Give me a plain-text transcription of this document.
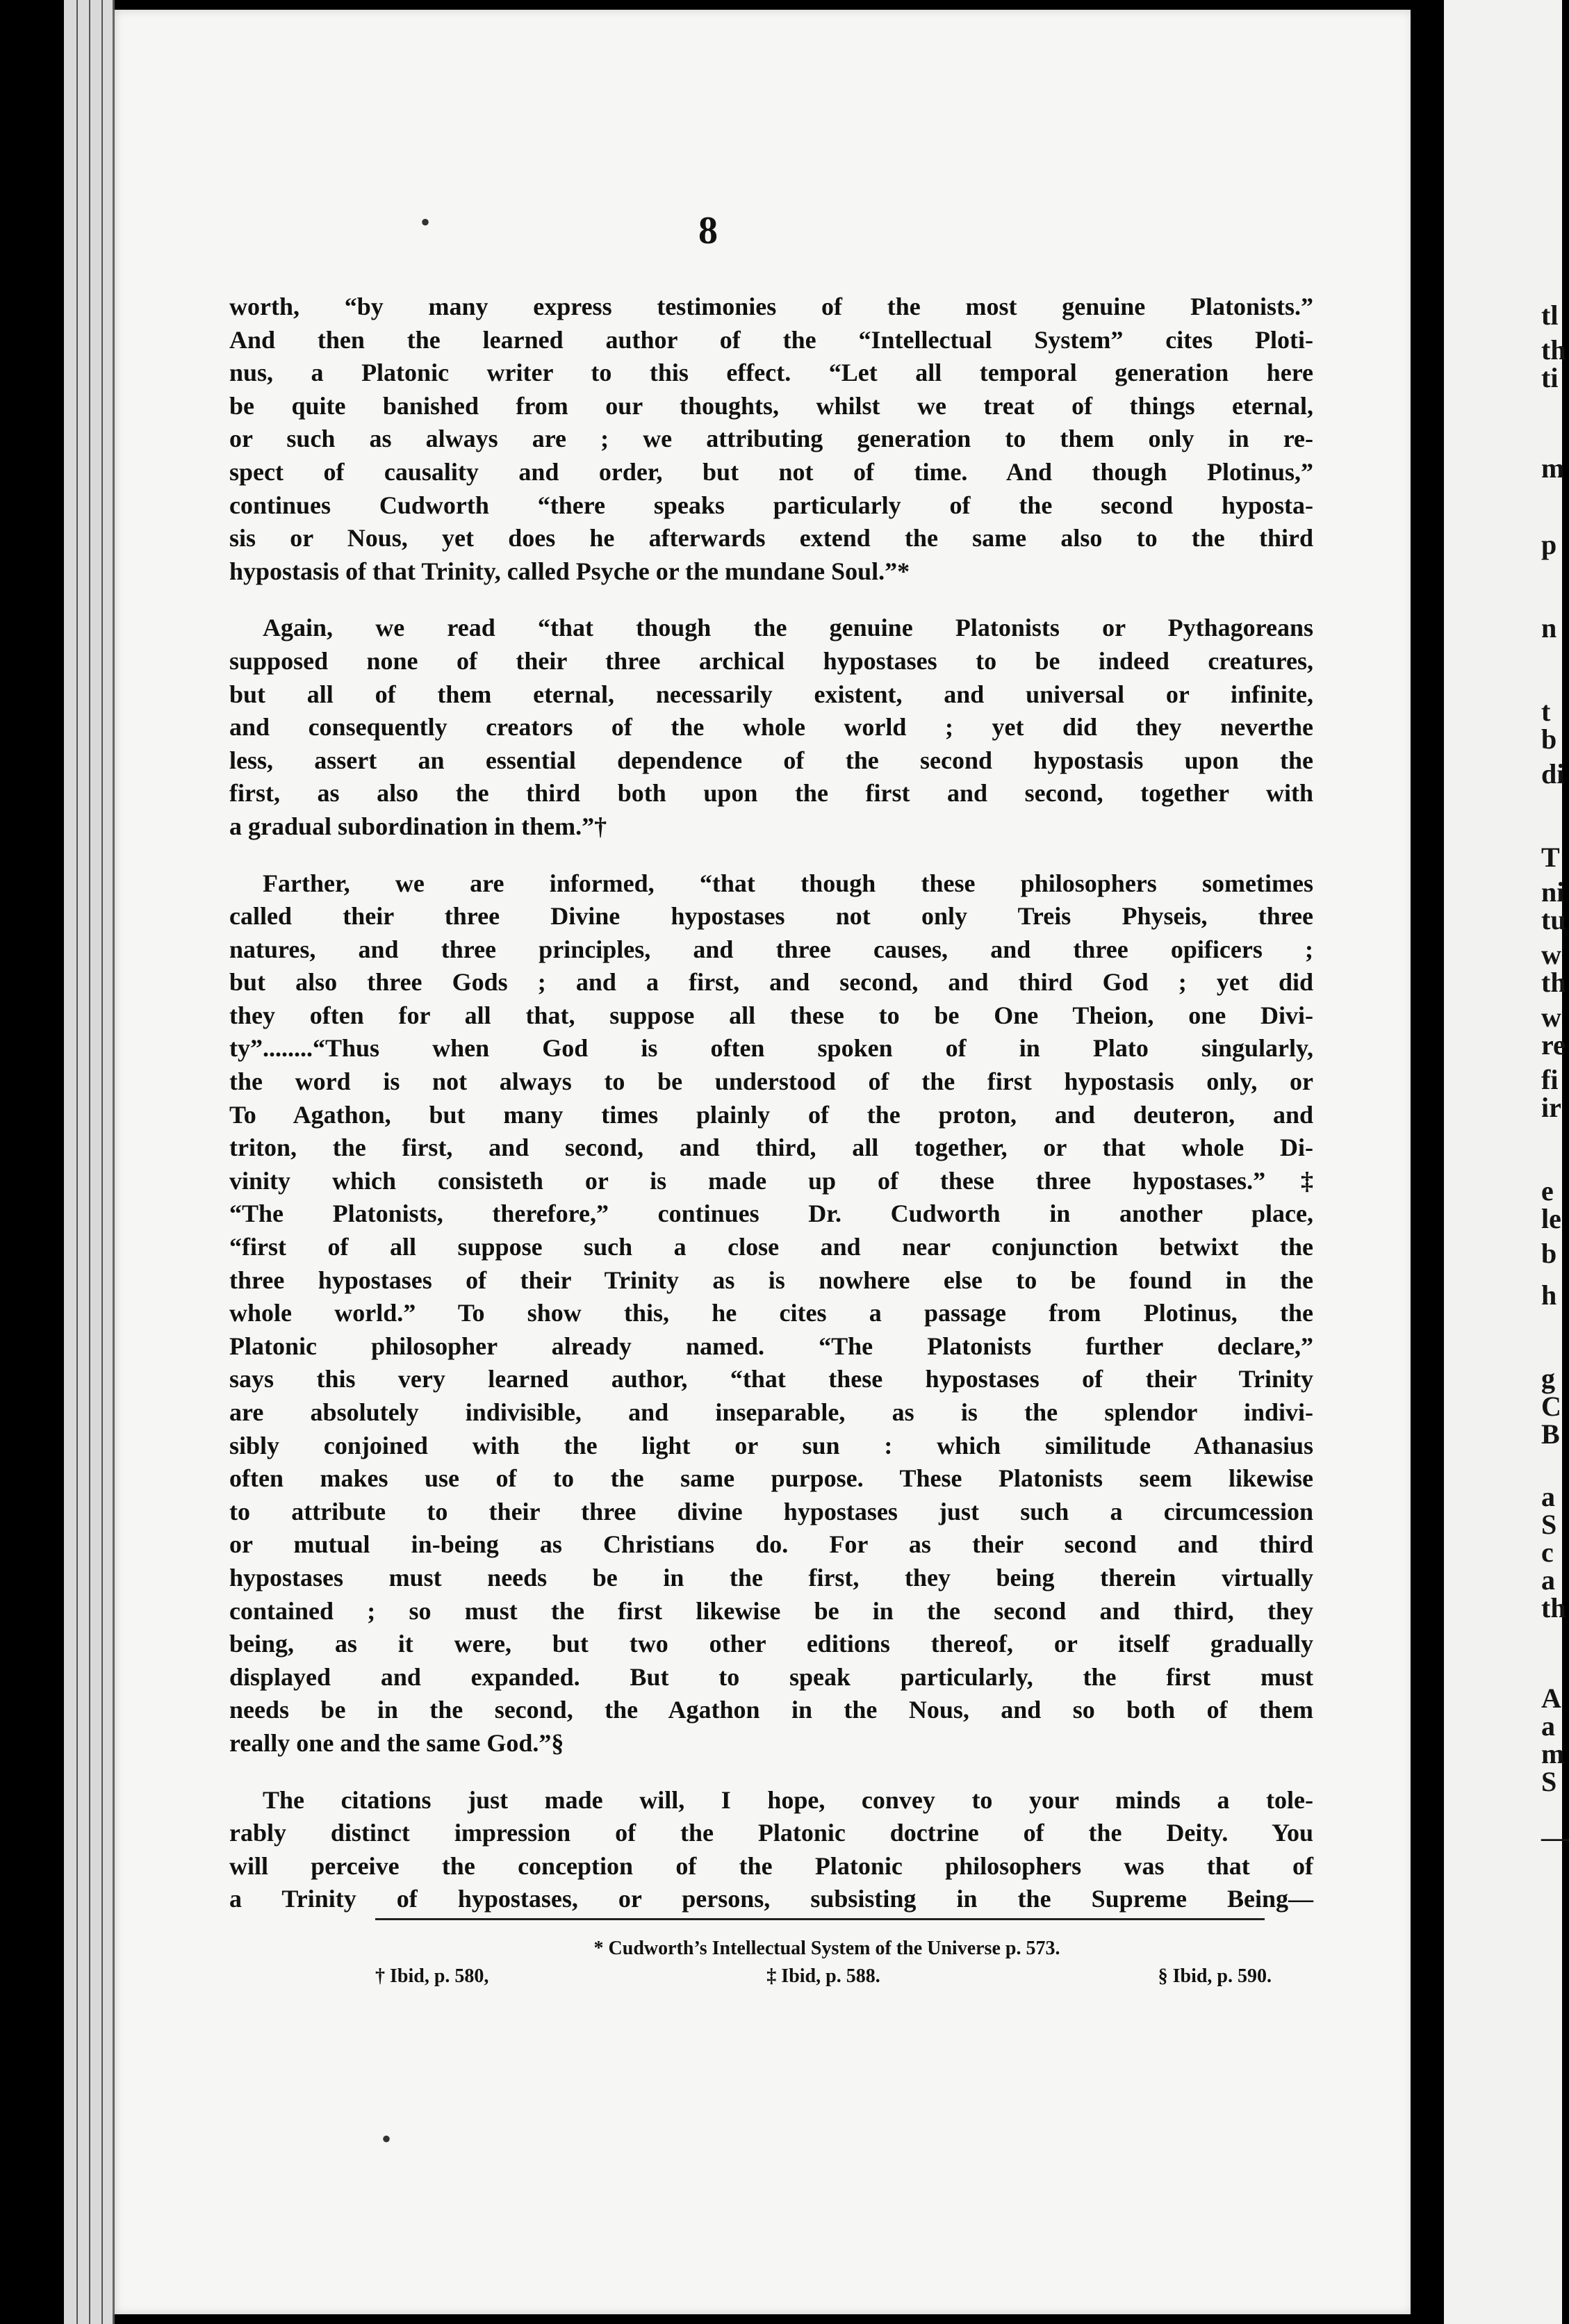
•
•
8
worth, “by many express testimonies of the most genuine Platonists.”
And then the learned author of the “Intellectual System” cites Ploti-
nus, a Platonic writer to this effect. “Let all temporal generation here
be quite banished from our thoughts, whilst we treat of things eternal,
or such as always are ; we attributing generation to them only in re-
spect of causality and order, but not of time. And though Plotinus,”
continues Cudworth “there speaks particularly of the second hyposta-
sis or Nous, yet does he afterwards extend the same also to the third
hypostasis of that Trinity, called Psyche or the mundane Soul.”*
Again, we read “that though the genuine Platonists or Pythagoreans
supposed none of their three archical hypostases to be indeed creatures,
but all of them eternal, necessarily existent, and universal or infinite,
and consequently creators of the whole world ; yet did they neverthe
less, assert an essential dependence of the second hypostasis upon the
first, as also the third both upon the first and second, together with
a gradual subordination in them.”†
Farther, we are informed, “that though these philosophers sometimes
called their three Divine hypostases not only Treis Physeis, three
natures, and three principles, and three causes, and three opificers ;
but also three Gods ; and a first, and second, and third God ; yet did
they often for all that, suppose all these to be One Theion, one Divi-
ty”........“Thus when God is often spoken of in Plato singularly,
the word is not always to be understood of the first hypostasis only, or
To Agathon, but many times plainly of the proton, and deuteron, and
triton, the first, and second, and third, all together, or that whole Di-
vinity which consisteth or is made up of these three hypostases.”‡
“The Platonists, therefore,” continues Dr. Cudworth in another place,
“first of all suppose such a close and near conjunction betwixt the
three hypostases of their Trinity as is nowhere else to be found in the
whole world.” To show this, he cites a passage from Plotinus, the
Platonic philosopher already named. “The Platonists further declare,”
says this very learned author, “that these hypostases of their Trinity
are absolutely indivisible, and inseparable, as is the splendor indivi-
sibly conjoined with the light or sun : which similitude Athanasius
often makes use of to the same purpose. These Platonists seem likewise
to attribute to their three divine hypostases just such a circumcession
or mutual in-being as Christians do. For as their second and third
hypostases must needs be in the first, they being therein virtually
contained ; so must the first likewise be in the second and third, they
being, as it were, but two other editions thereof, or itself gradually
displayed and expanded. But to speak particularly, the first must
needs be in the second, the Agathon in the Nous, and so both of them
really one and the same God.”§
The citations just made will, I hope, convey to your minds a tole-
rably distinct impression of the Platonic doctrine of the Deity. You
will perceive the conception of the Platonic philosophers was that of
a Trinity of hypostases, or persons, subsisting in the Supreme Being—
* Cudworth’s Intellectual System of the Universe p. 573.
† Ibid, p. 580,	‡ Ibid, p. 588.	§ Ibid, p. 590.
tl
th
ti
m
p
n
t
b
di
T
ni
tu
w
th
w
re
fi
ir
e
le
b
h
g
C
B
a
S
c
a
th
A
a
m
S
—
